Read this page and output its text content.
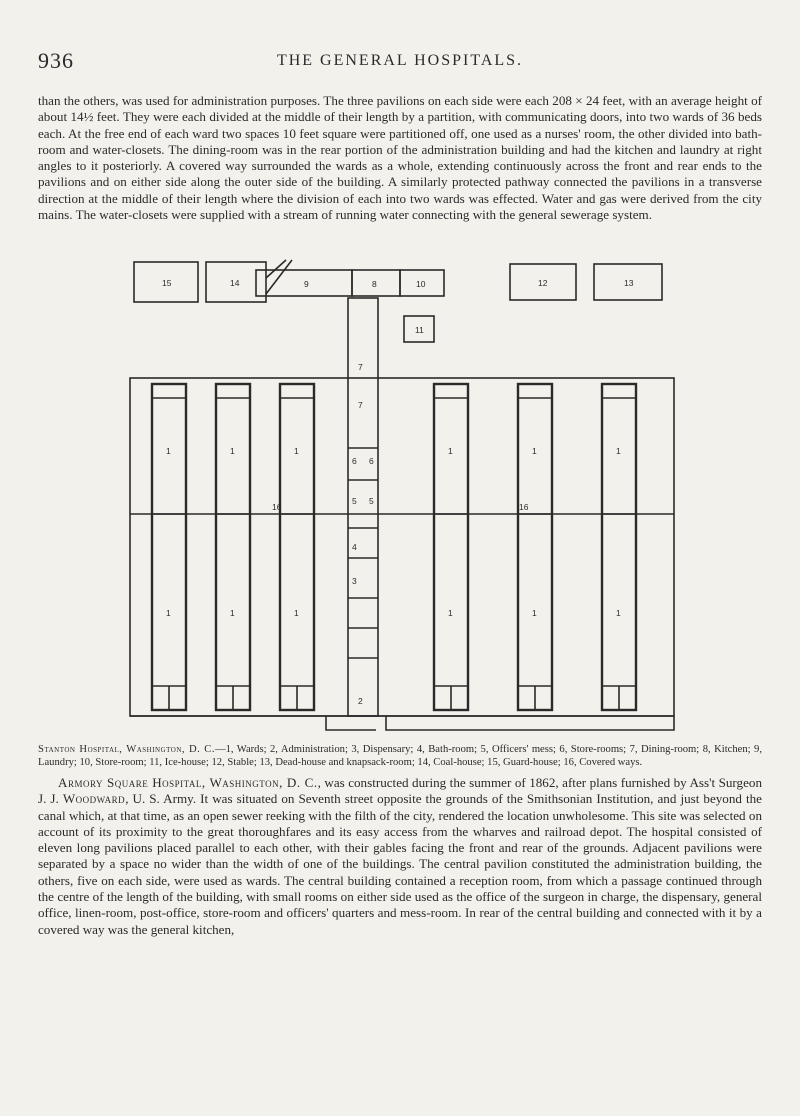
936	THE GENERAL HOSPITALS.

than the others, was used for administration purposes. The three pavilions on each side were each 208 × 24 feet, with an average height of about 14½ feet. They were each divided at the middle of their length by a partition, with communicating doors, into two wards of 36 beds each. At the free end of each ward two spaces 10 feet square were partitioned off, one used as a nurses' room, the other divided into bath-room and water-closets. The dining-room was in the rear portion of the administration building and had the kitchen and laundry at right angles to it posteriorly. A covered way surrounded the wards as a whole, extending continuously across the front and rear ends to the pavilions and on either side along the outer side of the building. A similarly protected pathway connected the pavilions in a transverse direction at the middle of their length where the division of each into two wards was effected. Water and gas were derived from the city mains. The water-closets were supplied with a stream of running water connecting with the general sewerage system.

16	16
15	14	9	8	10
11
12	13
7
7
6 6
5 5
4
3
2
1
1
1
1
1
1
1
1
1
1
1
1

Stanton Hospital, Washington, D. C.—1, Wards; 2, Administration; 3, Dispensary; 4, Bath-room; 5, Officers' mess; 6, Store-rooms; 7, Dining-room; 8, Kitchen; 9, Laundry; 10, Store-room; 11, Ice-house; 12, Stable; 13, Dead-house and knapsack-room; 14, Coal-house; 15, Guard-house; 16, Covered ways.

Armory Square Hospital, Washington, D. C., was constructed during the summer of 1862, after plans furnished by Ass't Surgeon J. J. Woodward, U. S. Army. It was situated on Seventh street opposite the grounds of the Smithsonian Institution, and just beyond the canal which, at that time, as an open sewer reeking with the filth of the city, rendered the location unwholesome. This site was selected on account of its proximity to the great thoroughfares and its easy access from the wharves and railroad depot. The hospital consisted of eleven long pavilions placed parallel to each other, with their gables facing the front and rear of the grounds. Adjacent pavilions were separated by a space no wider than the width of one of the buildings. The central pavilion constituted the administration building, the others, five on each side, were used as wards. The central building contained a reception room, from which a passage continued through the centre of the length of the building, with small rooms on either side used as the office of the surgeon in charge, the dispensary, general office, linen-room, post-office, store-room and officers' quarters and mess-room. In rear of the central building and connected with it by a covered way was the general kitchen,
